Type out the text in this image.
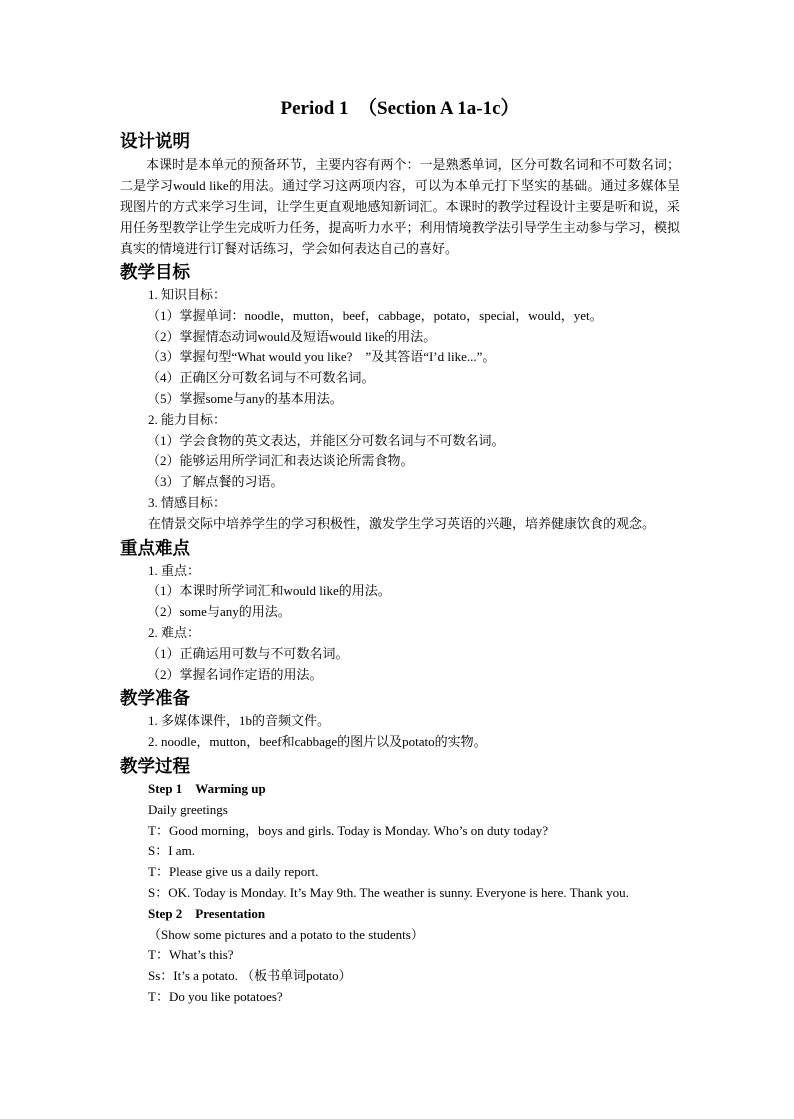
Period 1　（Section A 1a-1c）
设计说明

本课时是本单元的预备环节，主要内容有两个：一是熟悉单词，区分可数名词和不可数名词；二是学习would like的用法。通过学习这两项内容，可以为本单元打下坚实的基础。通过多媒体呈现图片的方式来学习生词，让学生更直观地感知新词汇。本课时的教学过程设计主要是听和说，采用任务型教学让学生完成听力任务，提高听力水平；利用情境教学法引导学生主动参与学习，模拟真实的情境进行订餐对话练习，学会如何表达自己的喜好。

教学目标

1. 知识目标：

（1）掌握单词：noodle，mutton，beef，cabbage，potato，special，would，yet。

（2）掌握情态动词would及短语would like的用法。

（3）掌握句型“What would you like?　”及其答语“I’d like...”。

（4）正确区分可数名词与不可数名词。

（5）掌握some与any的基本用法。

2. 能力目标：

（1）学会食物的英文表达，并能区分可数名词与不可数名词。

（2）能够运用所学词汇和表达谈论所需食物。

（3）了解点餐的习语。

3. 情感目标：

在情景交际中培养学生的学习积极性，激发学生学习英语的兴趣，培养健康饮食的观念。

重点难点

1. 重点：

（1）本课时所学词汇和would like的用法。

（2）some与any的用法。

2. 难点：

（1）正确运用可数与不可数名词。

（2）掌握名词作定语的用法。

教学准备

1. 多媒体课件，1b的音频文件。

2. noodle，mutton，beef和cabbage的图片以及potato的实物。

教学过程

Step 1　Warming up

Daily greetings

T：Good morning，boys and girls. Today is Monday. Who’s on duty today?

S：I am.

T：Please give us a daily report.

S：OK. Today is Monday. It’s May 9th. The weather is sunny. Everyone is here. Thank you.

Step 2　Presentation

（Show some pictures and a potato to the students）

T：What’s this?

Ss：It’s a potato. （板书单词potato）

T：Do you like potatoes?
